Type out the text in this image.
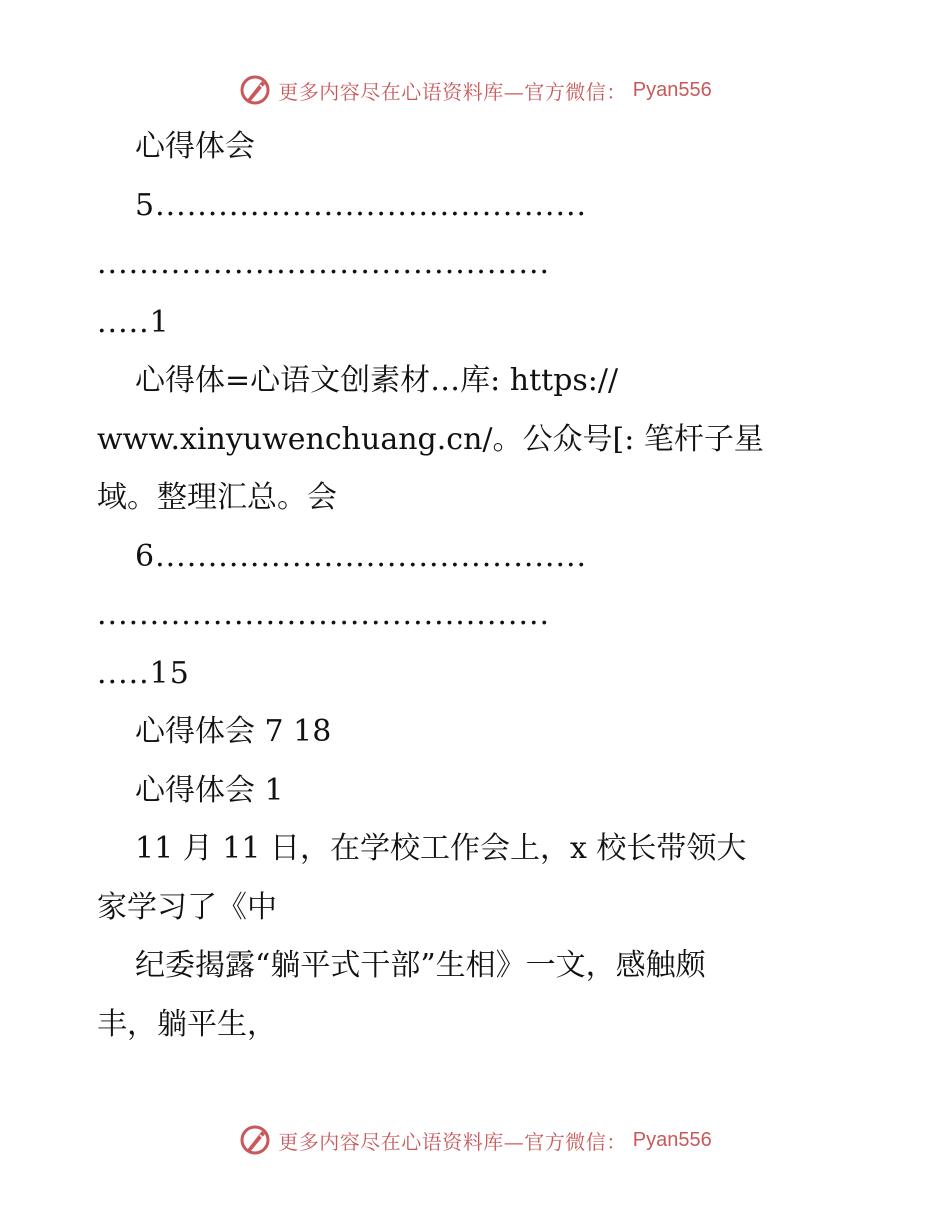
更多内容尽在心语资料库—官方微信： Pyan556
心得体会
5.........................................
...........................................
.....1
心得体=心语文创素材…库: https://
www.xinyuwenchuang.cn/。公众号[: 笔杆子星
域。整理汇总。会
6.........................................
...........................................
.....15
心得体会 7 18
心得体会 1
11 月 11 日，在学校工作会上，x 校长带领大
家学习了《中
纪委揭露“躺平式干部”生相》一文，感触颇
丰，躺平生，
更多内容尽在心语资料库—官方微信： Pyan556
